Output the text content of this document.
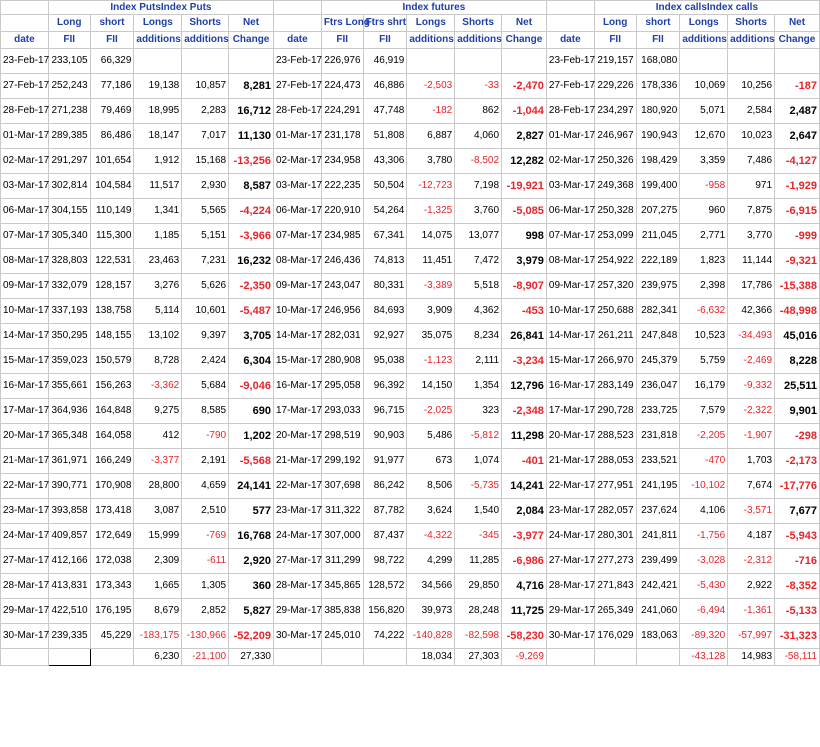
	Index PutsIndex Puts						Index futures						Index callsIndex calls				
	Long	short	Longs	Shorts	Net		Ftrs Long	Ftrs shrt	Longs	Shorts	Net		Long	short	Longs	Shorts	Net
date	FII	FII	additions	additions	Change	date	FII	FII	additions	additions	Change	date	FII	FII	additions	additions	Change
23-Feb-17	233,105	66,329				23-Feb-17	226,976	46,919				23-Feb-17	219,157	168,080			
27-Feb-17	252,243	77,186	19,138	10,857	8,281	27-Feb-17	224,473	46,886	-2,503	-33	-2,470	27-Feb-17	229,226	178,336	10,069	10,256	-187
28-Feb-17	271,238	79,469	18,995	2,283	16,712	28-Feb-17	224,291	47,748	-182	862	-1,044	28-Feb-17	234,297	180,920	5,071	2,584	2,487
01-Mar-17	289,385	86,486	18,147	7,017	11,130	01-Mar-17	231,178	51,808	6,887	4,060	2,827	01-Mar-17	246,967	190,943	12,670	10,023	2,647
02-Mar-17	291,297	101,654	1,912	15,168	-13,256	02-Mar-17	234,958	43,306	3,780	-8,502	12,282	02-Mar-17	250,326	198,429	3,359	7,486	-4,127
03-Mar-17	302,814	104,584	11,517	2,930	8,587	03-Mar-17	222,235	50,504	-12,723	7,198	-19,921	03-Mar-17	249,368	199,400	-958	971	-1,929
06-Mar-17	304,155	110,149	1,341	5,565	-4,224	06-Mar-17	220,910	54,264	-1,325	3,760	-5,085	06-Mar-17	250,328	207,275	960	7,875	-6,915
07-Mar-17	305,340	115,300	1,185	5,151	-3,966	07-Mar-17	234,985	67,341	14,075	13,077	998	07-Mar-17	253,099	211,045	2,771	3,770	-999
08-Mar-17	328,803	122,531	23,463	7,231	16,232	08-Mar-17	246,436	74,813	11,451	7,472	3,979	08-Mar-17	254,922	222,189	1,823	11,144	-9,321
09-Mar-17	332,079	128,157	3,276	5,626	-2,350	09-Mar-17	243,047	80,331	-3,389	5,518	-8,907	09-Mar-17	257,320	239,975	2,398	17,786	-15,388
10-Mar-17	337,193	138,758	5,114	10,601	-5,487	10-Mar-17	246,956	84,693	3,909	4,362	-453	10-Mar-17	250,688	282,341	-6,632	42,366	-48,998
14-Mar-17	350,295	148,155	13,102	9,397	3,705	14-Mar-17	282,031	92,927	35,075	8,234	26,841	14-Mar-17	261,211	247,848	10,523	-34,493	45,016
15-Mar-17	359,023	150,579	8,728	2,424	6,304	15-Mar-17	280,908	95,038	-1,123	2,111	-3,234	15-Mar-17	266,970	245,379	5,759	-2,469	8,228
16-Mar-17	355,661	156,263	-3,362	5,684	-9,046	16-Mar-17	295,058	96,392	14,150	1,354	12,796	16-Mar-17	283,149	236,047	16,179	-9,332	25,511
17-Mar-17	364,936	164,848	9,275	8,585	690	17-Mar-17	293,033	96,715	-2,025	323	-2,348	17-Mar-17	290,728	233,725	7,579	-2,322	9,901
20-Mar-17	365,348	164,058	412	-790	1,202	20-Mar-17	298,519	90,903	5,486	-5,812	11,298	20-Mar-17	288,523	231,818	-2,205	-1,907	-298
21-Mar-17	361,971	166,249	-3,377	2,191	-5,568	21-Mar-17	299,192	91,977	673	1,074	-401	21-Mar-17	288,053	233,521	-470	1,703	-2,173
22-Mar-17	390,771	170,908	28,800	4,659	24,141	22-Mar-17	307,698	86,242	8,506	-5,735	14,241	22-Mar-17	277,951	241,195	-10,102	7,674	-17,776
23-Mar-17	393,858	173,418	3,087	2,510	577	23-Mar-17	311,322	87,782	3,624	1,540	2,084	23-Mar-17	282,057	237,624	4,106	-3,571	7,677
24-Mar-17	409,857	172,649	15,999	-769	16,768	24-Mar-17	307,000	87,437	-4,322	-345	-3,977	24-Mar-17	280,301	241,811	-1,756	4,187	-5,943
27-Mar-17	412,166	172,038	2,309	-611	2,920	27-Mar-17	311,299	98,722	4,299	11,285	-6,986	27-Mar-17	277,273	239,499	-3,028	-2,312	-716
28-Mar-17	413,831	173,343	1,665	1,305	360	28-Mar-17	345,865	128,572	34,566	29,850	4,716	28-Mar-17	271,843	242,421	-5,430	2,922	-8,352
29-Mar-17	422,510	176,195	8,679	2,852	5,827	29-Mar-17	385,838	156,820	39,973	28,248	11,725	29-Mar-17	265,349	241,060	-6,494	-1,361	-5,133
30-Mar-17	239,335	45,229	-183,175	-130,966	-52,209	30-Mar-17	245,010	74,222	-140,828	-82,598	-58,230	30-Mar-17	176,029	183,063	-89,320	-57,997	-31,323
			6,230	-21,100	27,330				18,034	27,303	-9,269				-43,128	14,983	-58,111
